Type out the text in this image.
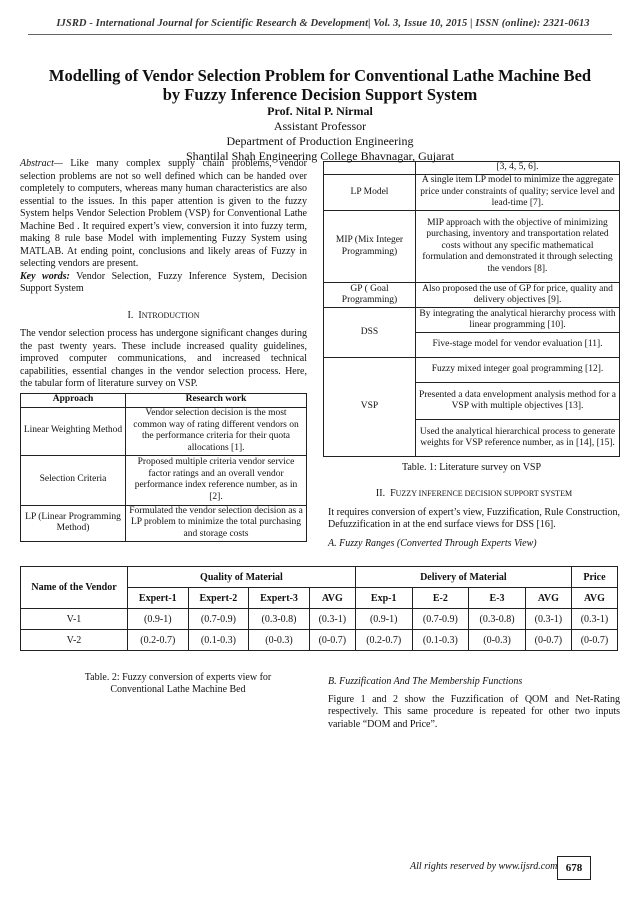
IJSRD - International Journal for Scientific Research & Development| Vol. 3, Issue 10, 2015 | ISSN (online): 2321-0613
Modelling of Vendor Selection Problem for Conventional Lathe Machine Bed by Fuzzy Inference Decision Support System
Prof. Nital P. Nirmal
Assistant Professor
Department of Production Engineering
Shantilal Shah Engineering College Bhavnagar, Gujarat

Abstract— Like many complex supply chain problems, vendor selection problems are not so well defined which can be handed over completely to computers, whereas many human characteristics are also essential to the issues. In this paper attention is given to the fuzzy System helps Vendor Selection Problem (VSP) for Conventional Lathe Machine Bed . It required expert’s view, conversion it into fuzzy term, making 8 rule base Model with implementing Fuzzy System using MATLAB. At ending point, conclusions and likely areas of Fuzzy in selecting vendors are present.

Key words: Vendor Selection, Fuzzy Inference System, Decision Support System

I. INTRODUCTION

The vendor selection process has undergone significant changes during the past twenty years. These include increased quality guidelines, improved computer communications, and increased technical capabilities, essential changes in the vendor selection process. Here, the tabular form of literature survey on VSP.

Approach	Research work
Linear Weighting Method	Vendor selection decision is the most common way of rating different vendors on the performance criteria for their quota allocations [1].
Selection Criteria	Proposed multiple criteria vendor service factor ratings and an overall vendor performance index reference number, as in [2].
LP (Linear Programming Method)	Formulated the vendor selection decision as a LP problem to minimize the total purchasing and storage costs
	[3, 4, 5, 6].
LP Model	A single item LP model to minimize the aggregate price under constraints of quality; service level and lead-time [7].
MIP (Mix Integer Programming)	MIP approach with the objective of minimizing purchasing, inventory and transportation related costs without any specific mathematical formulation and demonstrated it through selecting the vendors [8].
GP ( Goal Programming)	Also proposed the use of GP for price, quality and delivery objectives [9].
DSS	By integrating the analytical hierarchy process with linear programming [10].
	Five-stage model for vendor evaluation [11].
VSP	Fuzzy mixed integer goal programming [12].
	Presented a data envelopment analysis method for a VSP with multiple objectives [13].
	Used the analytical hierarchical process to generate weights for VSP reference number, as in [14], [15].
Table. 1: Literature survey on VSP
II. FUZZY INFERENCE DECISION SUPPORT SYSTEM

It requires conversion of expert’s view, Fuzzification, Rule Construction, Defuzzification in at the end surface views for DSS [16].

A. Fuzzy Ranges (Converted Through Experts View)

Name of the Vendor	Quality of Material				Delivery of Material				Price
	Expert-1	Expert-2	Expert-3	AVG	Exp-1	E-2	E-3	AVG	AVG
V-1	(0.9-1)	(0.7-0.9)	(0.3-0.8)	(0.3-1)	(0.9-1)	(0.7-0.9)	(0.3-0.8)	(0.3-1)	(0.3-1)
V-2	(0.2-0.7)	(0.1-0.3)	(0-0.3)	(0-0.7)	(0.2-0.7)	(0.1-0.3)	(0-0.3)	(0-0.7)	(0-0.7)
Table. 2: Fuzzy conversion of experts view for Conventional Lathe Machine Bed

B. Fuzzification And The Membership Functions

Figure 1 and 2 show the Fuzzification of QOM and Net-Rating respectively. This same procedure is repeated for other two inputs variable “DOM and Price”.

All rights reserved by www.ijsrd.com 678
